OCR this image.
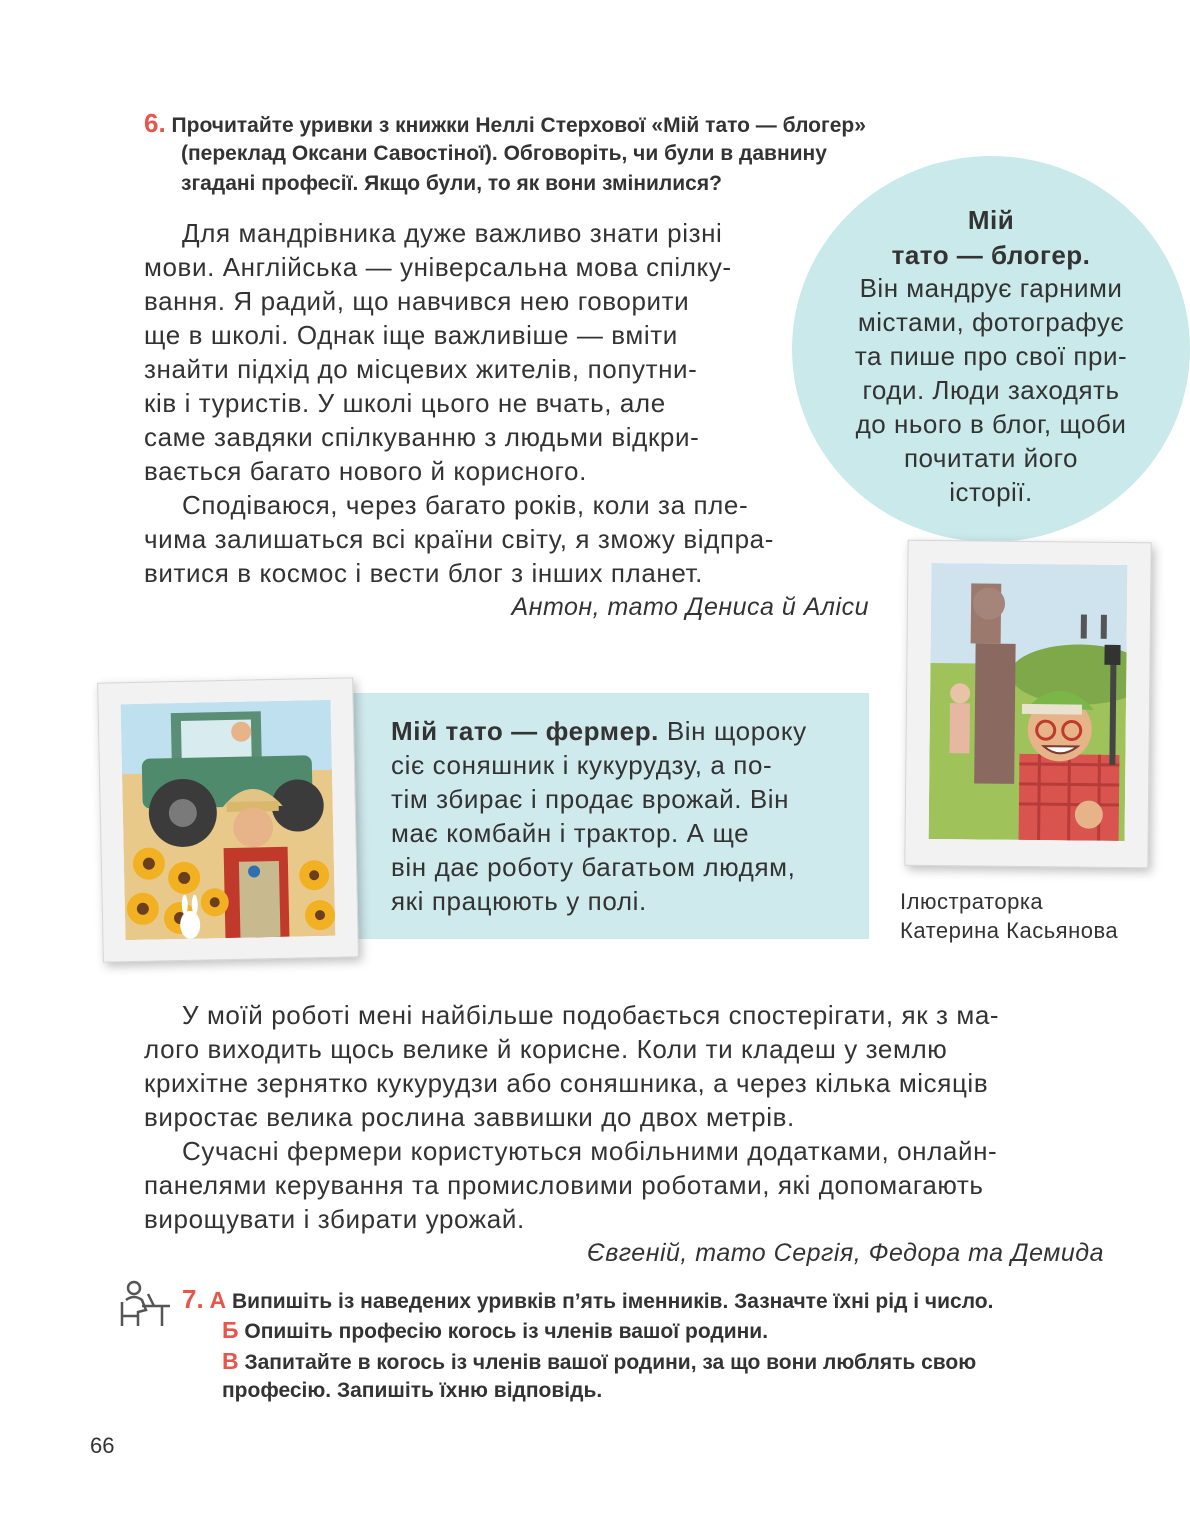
6. Прочитайте уривки з книжки Неллі Стерхової «Мій тато — блогер»
(переклад Оксани Савостіної). Обговоріть, чи були в давнину
згадані професії. Якщо були, то як вони змінилися?
Мій
тато — блогер.
Він мандрує гарними
містами, фотографує
та пише про свої при-
годи. Люди заходять
до нього в блог, щоби
почитати його
історії.
Для мандрівника дуже важливо знати різні
мови. Англійська — універсальна мова спілку-
вання. Я радий, що навчився нею говорити
ще в школі. Однак іще важливіше — вміти
знайти підхід до місцевих жителів, попутни-
ків і туристів. У школі цього не вчать, але
саме завдяки спілкуванню з людьми відкри-
вається багато нового й корисного.
Сподіваюся, через багато років, коли за пле-
чима залишаться всі країни світу, я зможу відпра-
витися в космос і вести блог з інших планет.
Антон, тато Дениса й Аліси
Мій тато — фермер. Він щороку
сіє соняшник і кукурудзу, а по-
тім збирає і продає врожай. Він
має комбайн і трактор. А ще
він дає роботу багатьом людям,
які працюють у полі.	Ілюстраторка
Катерина Касьянова
У моїй роботі мені найбільше подобається спостерігати, як з ма-
лого виходить щось велике й корисне. Коли ти кладеш у землю
крихітне зернятко кукурудзи або соняшника, а через кілька місяців
виростає велика рослина заввишки до двох метрів.
Сучасні фермери користуються мобільними додатками, онлайн-
панелями керування та промисловими роботами, які допомагають
вирощувати і збирати урожай.
Євгеній, тато Сергія, Федора та Демида
7. А Випишіть із наведених уривків п’ять іменників. Зазначте їхні рід і число.
Б Опишіть професію когось із членів вашої родини.
В Запитайте в когось із членів вашої родини, за що вони люблять свою
професію. Запишіть їхню відповідь.
66
